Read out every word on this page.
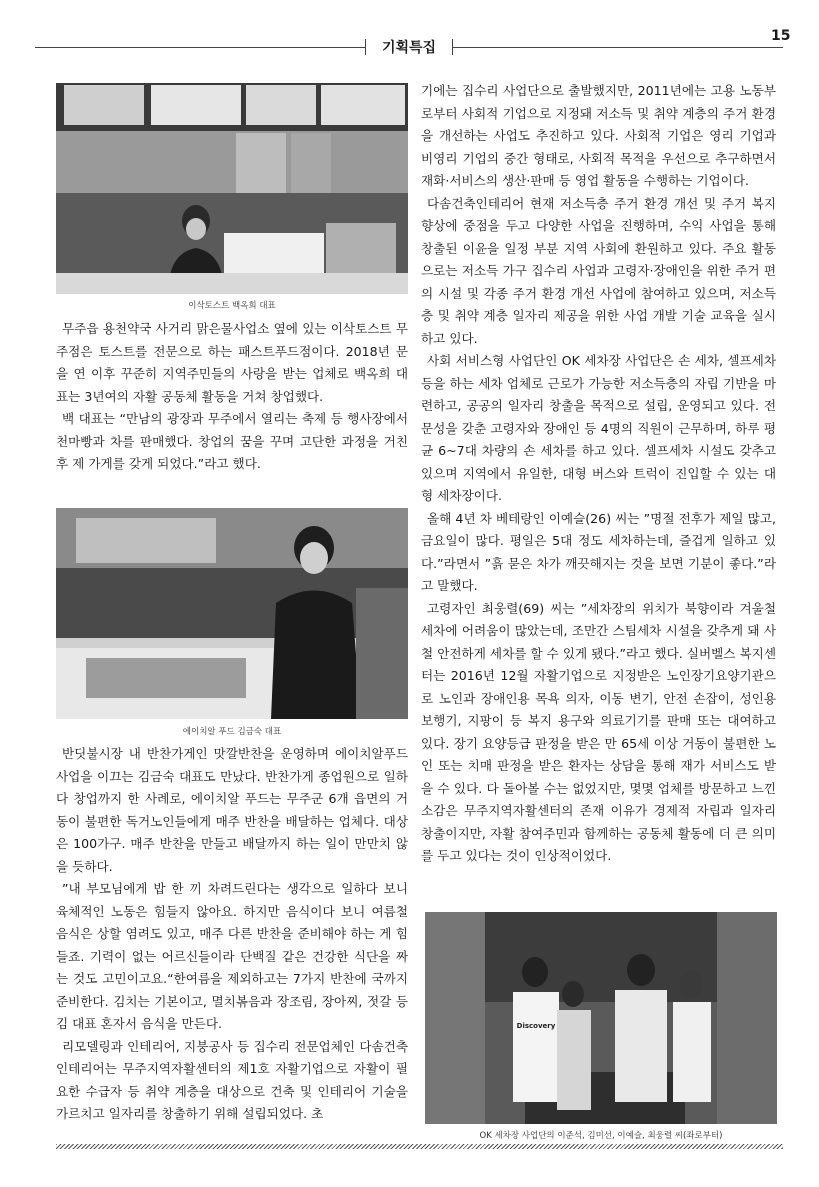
15
기획특집
이삭토스트 백옥희 대표

무주읍 용천약국 사거리 맑은물사업소 옆에 있는 이삭토스트 무주점은 토스트를 전문으로 하는 패스트푸드점이다. 2018년 문을 연 이후 꾸준히 지역주민들의 사랑을 받는 업체로 백옥희 대표는 3년여의 자활 공동체 활동을 거쳐 창업했다.

백 대표는 “만남의 광장과 무주에서 열리는 축제 등 행사장에서 천마빵과 차를 판매했다. 창업의 꿈을 꾸며 고단한 과정을 거친 후 제 가게를 갖게 되었다.”라고 했다.

에이치알 푸드 김금숙 대표

반딧불시장 내 반찬가게인 맛깔반찬을 운영하며 에이치알푸드 사업을 이끄는 김금숙 대표도 만났다. 반찬가게 종업원으로 일하다 창업까지 한 사례로, 에이치알 푸드는 무주군 6개 읍면의 거동이 불편한 독거노인들에게 매주 반찬을 배달하는 업체다. 대상은 100가구. 매주 반찬을 만들고 배달까지 하는 일이 만만치 않을 듯하다.

”내 부모님에게 밥 한 끼 차려드린다는 생각으로 일하다 보니 육체적인 노동은 힘들지 않아요. 하지만 음식이다 보니 여름철 음식은 상할 염려도 있고, 매주 다른 반찬을 준비해야 하는 게 힘들죠. 기력이 없는 어르신들이라 단백질 같은 건강한 식단을 짜는 것도 고민이고요.“한여름을 제외하고는 7가지 반찬에 국까지 준비한다. 김치는 기본이고, 멸치볶음과 장조림, 장아찌, 젓갈 등 김 대표 혼자서 음식을 만든다.

리모델링과 인테리어, 지붕공사 등 집수리 전문업체인 다솜건축인테리어는 무주지역자활센터의 제1호 자활기업으로 자활이 필요한 수급자 등 취약 계층을 대상으로 건축 및 인테리어 기술을 가르치고 일자리를 창출하기 위해 설립되었다. 초

기에는 집수리 사업단으로 출발했지만, 2011년에는 고용 노동부로부터 사회적 기업으로 지정돼 저소득 및 취약 계층의 주거 환경을 개선하는 사업도 추진하고 있다. 사회적 기업은 영리 기업과 비영리 기업의 중간 형태로, 사회적 목적을 우선으로 추구하면서 재화·서비스의 생산·판매 등 영업 활동을 수행하는 기업이다.

다솜건축인테리어 현재 저소득층 주거 환경 개선 및 주거 복지 향상에 중점을 두고 다양한 사업을 진행하며, 수익 사업을 통해 창출된 이윤을 일정 부분 지역 사회에 환원하고 있다. 주요 활동으로는 저소득 가구 집수리 사업과 고령자·장애인을 위한 주거 편의 시설 및 각종 주거 환경 개선 사업에 참여하고 있으며, 저소득층 및 취약 계층 일자리 제공을 위한 사업 개발 기술 교육을 실시하고 있다.

사회 서비스형 사업단인 OK 세차장 사업단은 손 세차, 셀프세차 등을 하는 세차 업체로 근로가 가능한 저소득층의 자립 기반을 마련하고, 공공의 일자리 창출을 목적으로 설립, 운영되고 있다. 전문성을 갖춘 고령자와 장애인 등 4명의 직원이 근무하며, 하루 평균 6~7대 차량의 손 세차를 하고 있다. 셀프세차 시설도 갖추고 있으며 지역에서 유일한, 대형 버스와 트럭이 진입할 수 있는 대형 세차장이다.

올해 4년 차 베테랑인 이예슬(26) 씨는 ”명절 전후가 제일 많고, 금요일이 많다. 평일은 5대 정도 세차하는데, 즐겁게 일하고 있다.”라면서 ”흙 묻은 차가 깨끗해지는 것을 보면 기분이 좋다.”라고 말했다.

고령자인 최웅렬(69) 씨는 ”세차장의 위치가 북향이라 겨울철 세차에 어려움이 많았는데, 조만간 스팀세차 시설을 갖추게 돼 사철 안전하게 세차를 할 수 있게 됐다.”라고 했다. 실버벨스 복지센터는 2016년 12월 자활기업으로 지정받은 노인장기요양기관으로 노인과 장애인용 목욕 의자, 이동 변기, 안전 손잡이, 성인용 보행기, 지팡이 등 복지 용구와 의료기기를 판매 또는 대여하고 있다. 장기 요양등급 판정을 받은 만 65세 이상 거동이 불편한 노인 또는 치매 판정을 받은 환자는 상담을 통해 재가 서비스도 받을 수 있다. 다 돌아볼 수는 없었지만, 몇몇 업체를 방문하고 느낀 소감은 무주지역자활센터의 존재 이유가 경제적 자립과 일자리 창출이지만, 자활 참여주민과 함께하는 공동체 활동에 더 큰 의미를 두고 있다는 것이 인상적이었다.

Discovery
OK 세차장 사업단의 이준석, 김미선, 이예슬, 최웅렬 씨(좌로부터)
